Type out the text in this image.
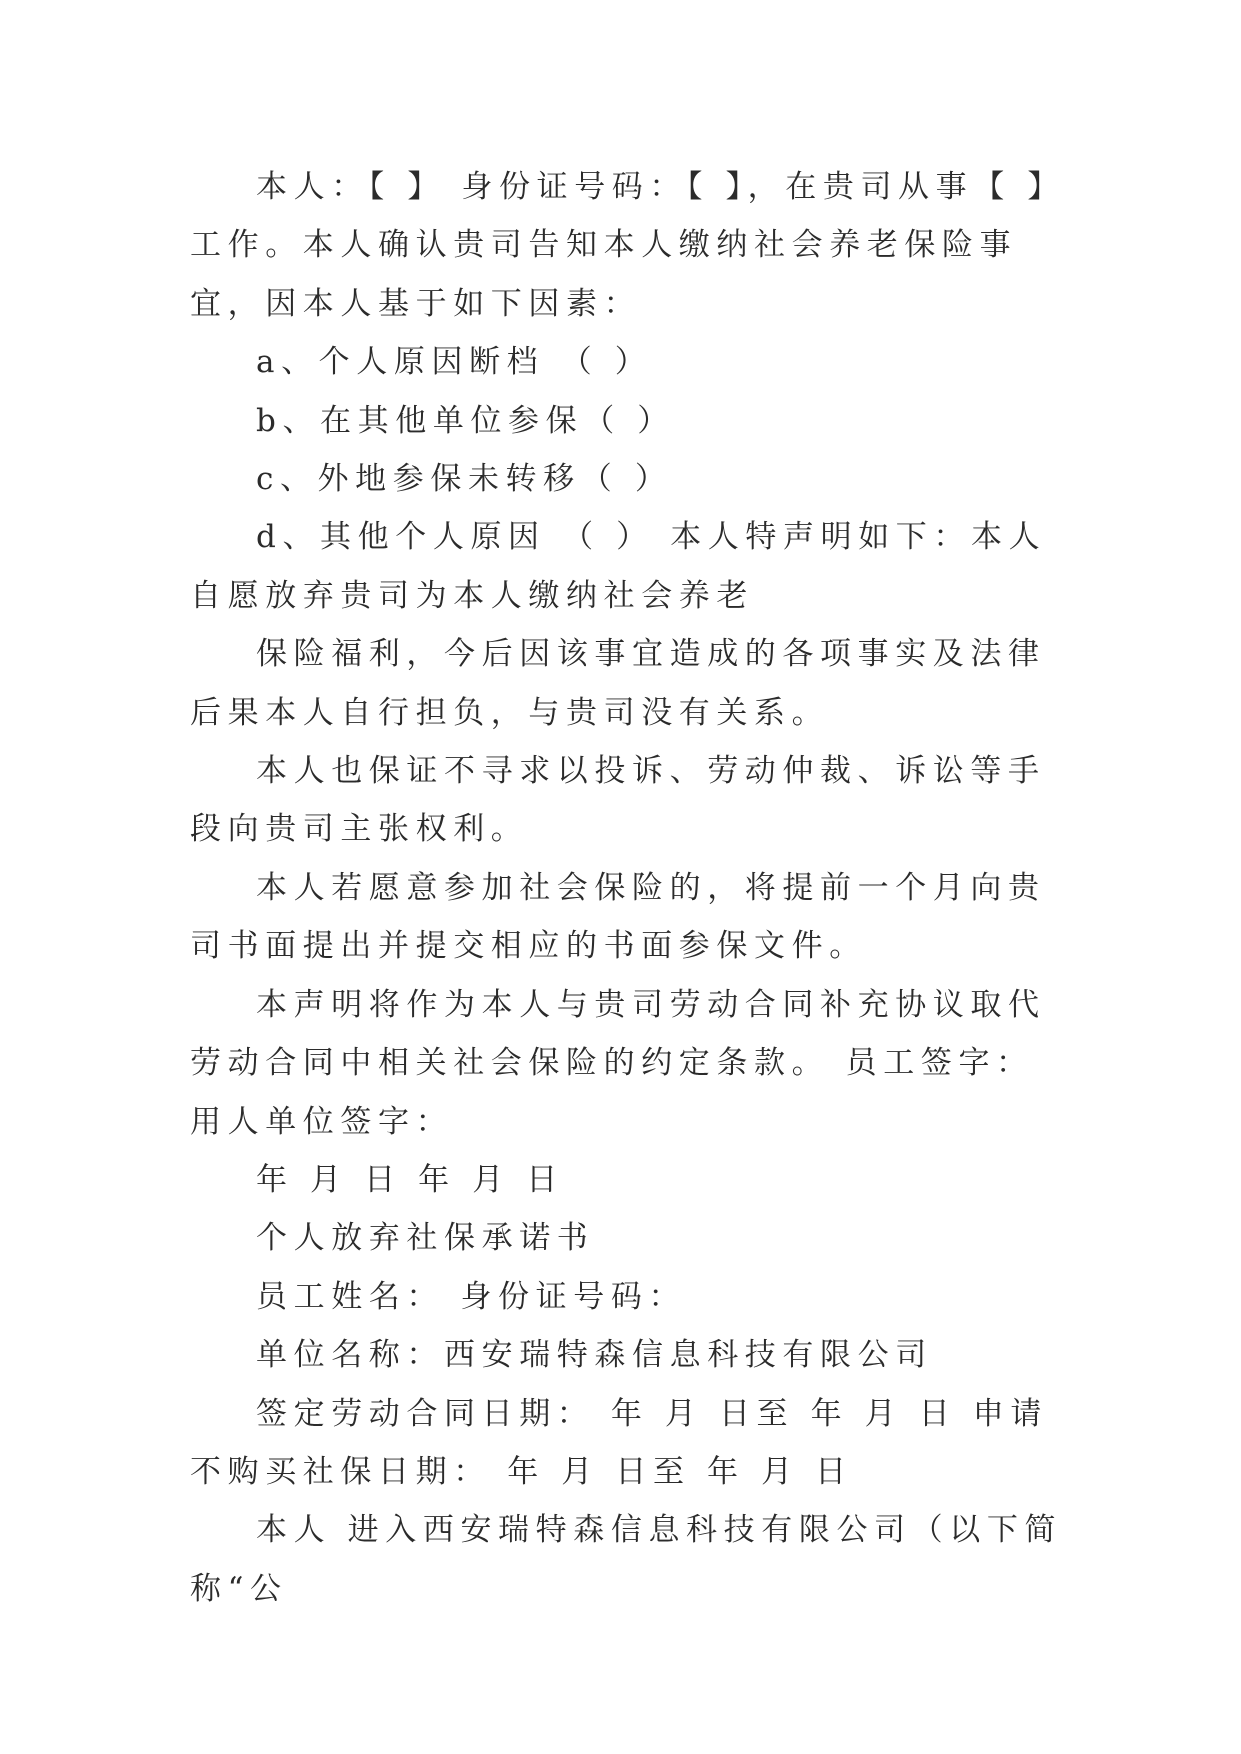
本人：【 】 身份证号码：【 】，在贵司从事【 】工作。本人确认贵司告知本人缴纳社会养老保险事宜，因本人基于如下因素：

a、个人原因断档 （ ）

b、在其他单位参保（ ）

c、外地参保未转移（ ）

d、其他个人原因 （ ） 本人特声明如下：本人自愿放弃贵司为本人缴纳社会养老

保险福利，今后因该事宜造成的各项事实及法律后果本人自行担负，与贵司没有关系。

本人也保证不寻求以投诉、劳动仲裁、诉讼等手段向贵司主张权利。

本人若愿意参加社会保险的，将提前一个月向贵司书面提出并提交相应的书面参保文件。

本声明将作为本人与贵司劳动合同补充协议取代劳动合同中相关社会保险的约定条款。 员工签字： 用人单位签字：

年 月 日 年 月 日

个人放弃社保承诺书

员工姓名： 身份证号码：

单位名称：西安瑞特森信息科技有限公司

签定劳动合同日期： 年 月 日至 年 月 日 申请不购买社保日期： 年 月 日至 年 月 日

本人 进入西安瑞特森信息科技有限公司（以下简称“公
